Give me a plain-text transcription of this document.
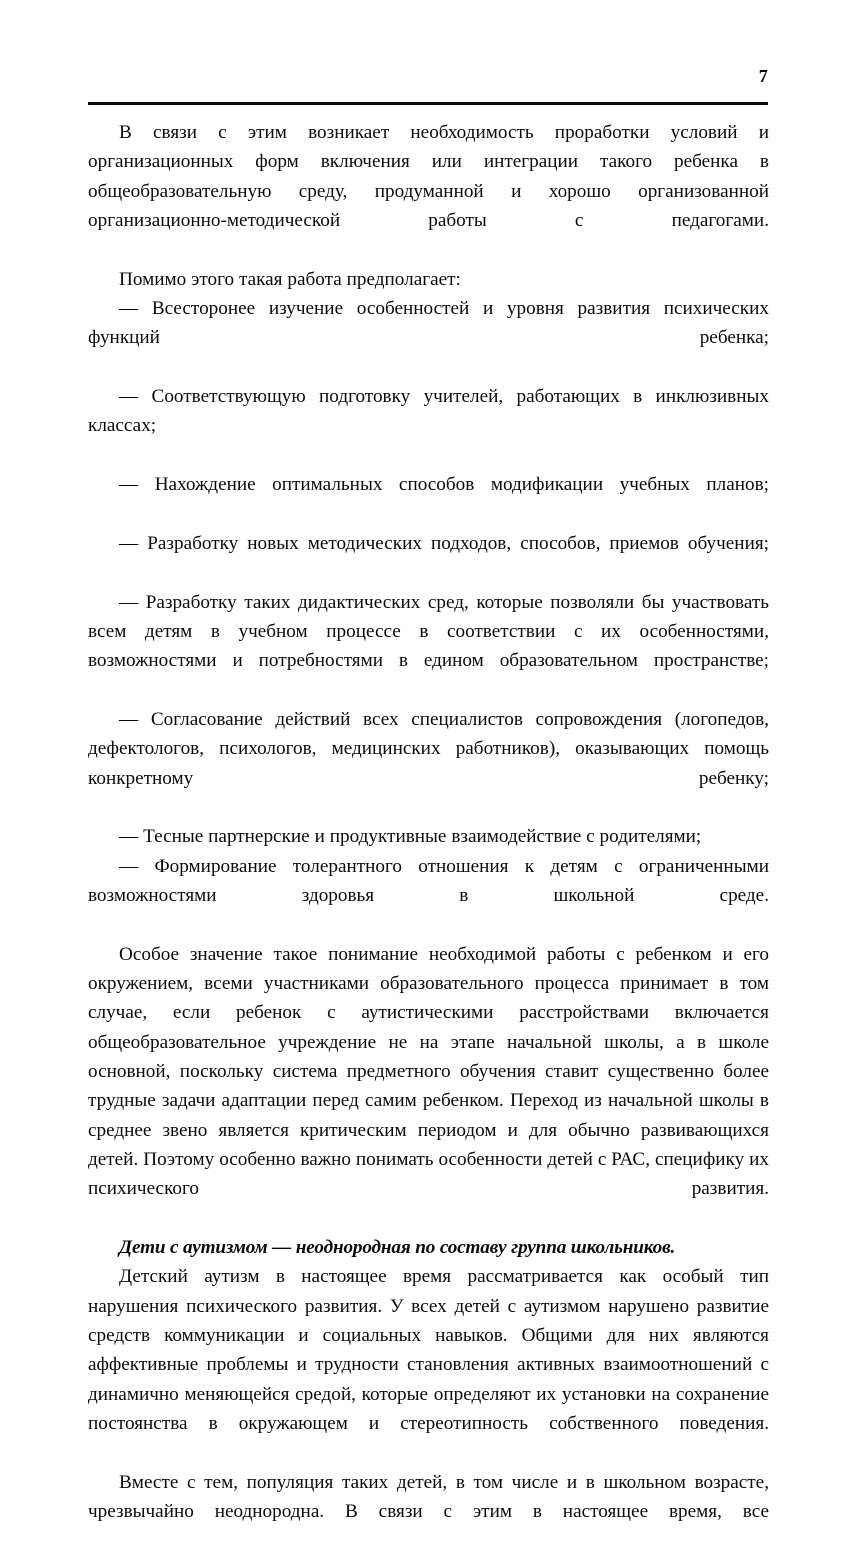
7

В связи с этим возникает необходимость проработки условий и организационных форм включения или интеграции такого ребенка в общеобразовательную среду, продуманной и хорошо организованной организационно-методической работы с педагогами.

Помимо этого такая работа предполагает:

— Всестоpонее изучение особенностей и уровня развития психических функций ребенка;

— Соответствующую подготовку учителей, работающих в инклюзивных классах;

— Нахождение оптимальных способов модификации учебных планов;

— Разработку новых методических подходов, способов, приемов обучения;

— Разработку таких дидактических сред, которые позволяли бы участвовать всем детям в учебном процессе в соответствии с их особенностями, возможностями и потребностями в едином образовательном пространстве;

— Согласование действий всех специалистов сопровождения (логопедов, дефектологов, психологов, медицинских работников), оказывающих помощь конкретному ребенку;

— Тесные партнерские и продуктивные взаимодействие с родителями;

— Формирование толерантного отношения к детям с ограниченными возможностями здоровья в школьной среде.

Особое значение такое понимание необходимой работы с ребенком и его окружением, всеми участниками образовательного процесса принимает в том случае, если ребенок с аутистическими расстройствами включается общеобразовательное учреждение не на этапе начальной школы, а в школе основной, поскольку система предметного обучения ставит существенно более трудные задачи адаптации перед самим ребенком. Переход из начальной школы в среднее звено является критическим периодом и для обычно развивающихся детей. Поэтому особенно важно понимать особенности детей с РАС, специфику их психического развития.

Дети с аутизмом — неоднородная по составу группа школьников.

Детский аутизм в настоящее время рассматривается как особый тип нарушения психического развития. У всех детей с аутизмом нарушено развитие средств коммуникации и социальных навыков. Общими для них являются аффективные проблемы и трудности становления активных взаимоотношений с динамично меняющейся средой, которые определяют их установки на сохранение постоянства в окружающем и стереотипность собственного поведения.

Вместе с тем, популяция таких детей, в том числе и в школьном возрасте, чрезвычайно неоднородна. В связи с этим в настоящее время, все
